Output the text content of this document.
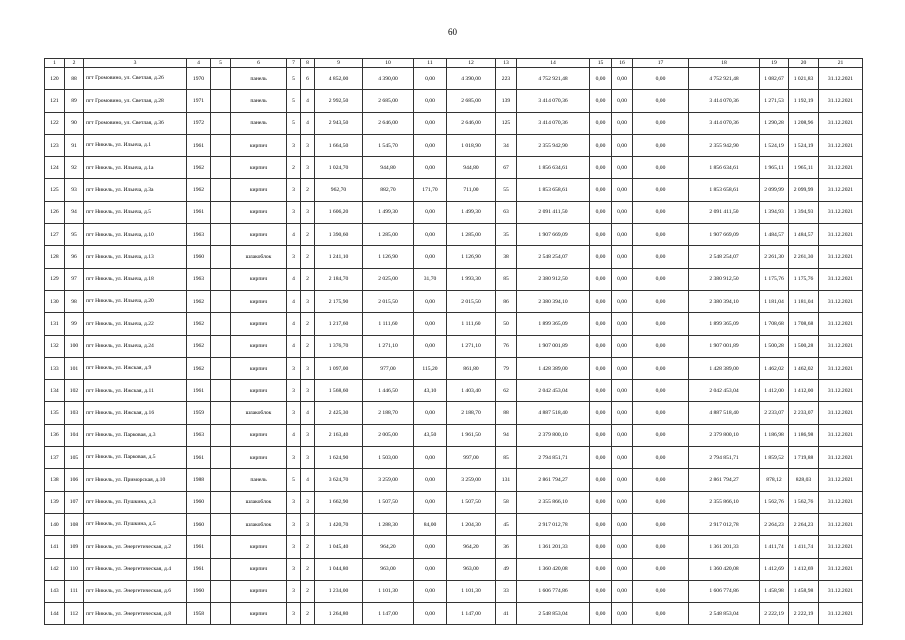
60
1	2	3	4	5	6	7	8	9	10	11	12	13	14	15	16	17	18	19	20	21
120	88	пгт Громовино, ул. Светлая, д.26	1970		панель	5	6	4 852,00	4 390,00	0,00	4 390,00	223	4 752 921,48	0,00	0,00	0,00	4 752 921,48	1 082,67	1 021,83	31.12.2021
121	89	пгт Громовино, ул. Светлая, д.28	1971		панель	5	4	2 992,50	2 685,00	0,00	2 685,00	139	3 414 070,36	0,00	0,00	0,00	3 414 070,36	1 271,53	1 192,19	31.12.2021
122	90	пгт Громовино, ул. Светлая, д.36	1972		панель	5	4	2 943,50	2 646,00	0,00	2 646,00	125	3 414 070,36	0,00	0,00	0,00	3 414 070,36	1 290,28	1 208,96	31.12.2021
123	91	пгт Никель, ул. Ильича, д.1	1961		кирпич	3	3	1 664,50	1 545,70	0,00	1 018,90	34	2 355 942,90	0,00	0,00	0,00	2 355 942,90	1 524,19	1 524,19	31.12.2021
124	92	пгт Никель, ул. Ильича, д.1а	1962		кирпич	2	3	1 024,70	944,80	0,00	944,80	67	1 856 634,61	0,00	0,00	0,00	1 856 634,61	1 965,11	1 965,11	31.12.2021
125	93	пгт Никель, ул. Ильича, д.3а	1962		кирпич	3	2	962,70	882,70	171,70	711,00	55	1 853 658,61	0,00	0,00	0,00	1 853 658,61	2 099,99	2 099,99	31.12.2021
126	94	пгт Никель, ул. Ильича, д.5	1961		кирпич	3	3	1 606,20	1 499,30	0,00	1 499,30	63	2 091 411,50	0,00	0,00	0,00	2 091 411,50	1 394,93	1 394,93	31.12.2021
127	95	пгт Никель, ул. Ильича, д.10	1963		кирпич	4	2	1 390,60	1 285,00	0,00	1 285,00	35	1 907 669,09	0,00	0,00	0,00	1 907 669,09	1 484,57	1 484,57	31.12.2021
128	96	пгт Никель, ул. Ильича, д.13	1960		шлакоблок	3	2	1 241,10	1 126,90	0,00	1 126,90	38	2 548 254,07	0,00	0,00	0,00	2 548 254,07	2 261,30	2 261,30	31.12.2021
129	97	пгт Никель, ул. Ильича, д.18	1963		кирпич	4	2	2 184,70	2 025,00	31,70	1 993,30	85	2 380 912,50	0,00	0,00	0,00	2 380 912,50	1 175,76	1 175,76	31.12.2021
130	98	пгт Никель, ул. Ильича, д.20	1962		кирпич	4	3	2 175,90	2 015,50	0,00	2 015,50	86	2 380 394,10	0,00	0,00	0,00	2 380 394,10	1 181,04	1 181,04	31.12.2021
131	99	пгт Никель, ул. Ильича, д.22	1962		кирпич	4	2	1 217,60	1 111,60	0,00	1 111,60	50	1 899 365,09	0,00	0,00	0,00	1 899 365,09	1 708,68	1 708,68	31.12.2021
132	100	пгт Никель, ул. Ильича, д.24	1962		кирпич	4	2	1 376,70	1 271,10	0,00	1 271,10	76	1 907 001,89	0,00	0,00	0,00	1 907 001,89	1 500,28	1 500,28	31.12.2021
133	101	пгт Никель, ул. Ижская, д.9	1962		кирпич	3	3	1 097,00	977,00	115,20	861,80	79	1 428 389,00	0,00	0,00	0,00	1 428 389,00	1 462,02	1 462,02	31.12.2021
134	102	пгт Никель, ул. Ижская, д.11	1961		кирпич	3	3	1 568,60	1 446,50	43,10	1 403,40	62	2 042 453,04	0,00	0,00	0,00	2 042 453,04	1 412,00	1 412,00	31.12.2021
135	103	пгт Никель, ул. Ижская, д.16	1959		шлакоблок	3	4	2 425,30	2 188,70	0,00	2 188,70	88	4 887 518,40	0,00	0,00	0,00	4 887 518,40	2 233,07	2 233,07	31.12.2021
136	104	пгт Никель, ул. Парковая, д.3	1963		кирпич	4	3	2 163,40	2 005,00	43,50	1 961,50	94	2 379 800,10	0,00	0,00	0,00	2 379 800,10	1 186,98	1 186,98	31.12.2021
137	105	пгт Никель, ул. Парковая, д.5	1961		кирпич	3	3	1 624,90	1 503,00	0,00	997,00	85	2 794 851,71	0,00	0,00	0,00	2 794 851,71	1 859,52	1 719,88	31.12.2021
138	106	пгт Никель, ул. Приморская, д.10	1988		панель	5	4	3 624,70	3 259,00	0,00	3 259,00	131	2 861 794,27	0,00	0,00	0,00	2 861 794,27	878,12	828,03	31.12.2021
139	107	пгт Никель, ул. Пушкина, д.3	1960		шлакоблок	3	3	1 662,90	1 507,50	0,00	1 507,50	58	2 355 866,10	0,00	0,00	0,00	2 355 866,10	1 562,76	1 562,76	31.12.2021
140	108	пгт Никель, ул. Пушкина, д.5	1960		шлакоблок	3	3	1 420,70	1 288,30	84,00	1 204,30	45	2 917 012,78	0,00	0,00	0,00	2 917 012,78	2 264,23	2 264,23	31.12.2021
141	109	пгт Никель, ул. Энергетическая, д.2	1961		кирпич	3	2	1 045,40	964,20	0,00	964,20	36	1 361 201,33	0,00	0,00	0,00	1 361 201,33	1 411,74	1 411,74	31.12.2021
142	110	пгт Никель, ул. Энергетическая, д.4	1961		кирпич	3	2	1 044,80	963,00	0,00	963,00	49	1 360 420,08	0,00	0,00	0,00	1 360 420,08	1 412,69	1 412,69	31.12.2021
143	111	пгт Никель, ул. Энергетическая, д.6	1960		кирпич	3	2	1 234,00	1 101,30	0,00	1 101,30	33	1 606 774,86	0,00	0,00	0,00	1 606 774,86	1 458,98	1 458,98	31.12.2021
144	112	пгт Никель, ул. Энергетическая, д.8	1958		кирпич	3	2	1 264,80	1 147,00	0,00	1 147,00	41	2 548 853,04	0,00	0,00	0,00	2 548 853,04	2 222,19	2 222,19	31.12.2021
